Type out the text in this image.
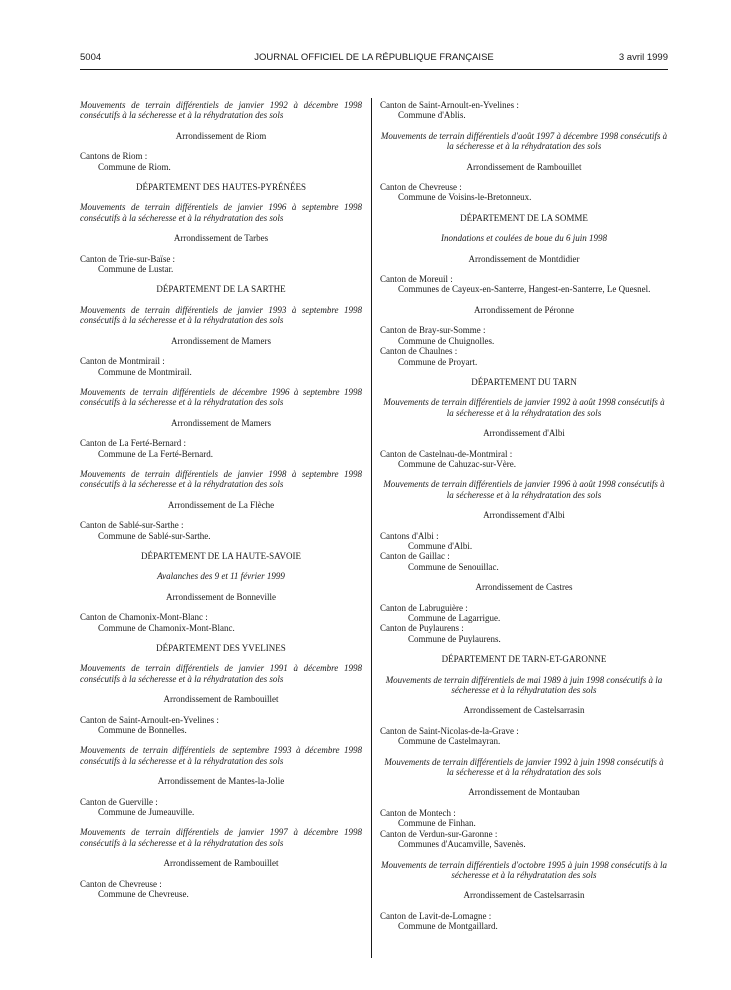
5004	JOURNAL OFFICIEL DE LA RÉPUBLIQUE FRANÇAISE	3 avril 1999
Mouvements de terrain différentiels de janvier 1992 à décembre 1998 consécutifs à la sécheresse et à la réhydratation des sols
Arrondissement de Riom
Cantons de Riom :
Commune de Riom.
DÉPARTEMENT DES HAUTES-PYRÉNÉES
Mouvements de terrain différentiels de janvier 1996 à septembre 1998 consécutifs à la sécheresse et à la réhydratation des sols
Arrondissement de Tarbes
Canton de Trie-sur-Baïse :
Commune de Lustar.
DÉPARTEMENT DE LA SARTHE
Mouvements de terrain différentiels de janvier 1993 à septembre 1998 consécutifs à la sécheresse et à la réhydratation des sols
Arrondissement de Mamers
Canton de Montmirail :
Commune de Montmirail.
Mouvements de terrain différentiels de décembre 1996 à septembre 1998 consécutifs à la sécheresse et à la réhydratation des sols
Arrondissement de Mamers
Canton de La Ferté-Bernard :
Commune de La Ferté-Bernard.
Mouvements de terrain différentiels de janvier 1998 à septembre 1998 consécutifs à la sécheresse et à la réhydratation des sols
Arrondissement de La Flèche
Canton de Sablé-sur-Sarthe :
Commune de Sablé-sur-Sarthe.
DÉPARTEMENT DE LA HAUTE-SAVOIE
Avalanches des 9 et 11 février 1999
Arrondissement de Bonneville
Canton de Chamonix-Mont-Blanc :
Commune de Chamonix-Mont-Blanc.
DÉPARTEMENT DES YVELINES
Mouvements de terrain différentiels de janvier 1991 à décembre 1998 consécutifs à la sécheresse et à la réhydratation des sols
Arrondissement de Rambouillet
Canton de Saint-Arnoult-en-Yvelines :
Commune de Bonnelles.
Mouvements de terrain différentiels de septembre 1993 à décembre 1998 consécutifs à la sécheresse et à la réhydratation des sols
Arrondissement de Mantes-la-Jolie
Canton de Guerville :
Commune de Jumeauville.
Mouvements de terrain différentiels de janvier 1997 à décembre 1998 consécutifs à la sécheresse et à la réhydratation des sols
Arrondissement de Rambouillet
Canton de Chevreuse :
Commune de Chevreuse.
Canton de Saint-Arnoult-en-Yvelines :
Commune d'Ablis.
Mouvements de terrain différentiels d'août 1997 à décembre 1998 consécutifs à la sécheresse et à la réhydratation des sols
Arrondissement de Rambouillet
Canton de Chevreuse :
Commune de Voisins-le-Bretonneux.
DÉPARTEMENT DE LA SOMME
Inondations et coulées de boue du 6 juin 1998
Arrondissement de Montdidier
Canton de Moreuil :
Communes de Cayeux-en-Santerre, Hangest-en-Santerre, Le Quesnel.
Arrondissement de Péronne
Canton de Bray-sur-Somme :
Commune de Chuignolles.
Canton de Chaulnes :
Commune de Proyart.
DÉPARTEMENT DU TARN
Mouvements de terrain différentiels de janvier 1992 à août 1998 consécutifs à la sécheresse et à la réhydratation des sols
Arrondissement d'Albi
Canton de Castelnau-de-Montmiral :
Commune de Cahuzac-sur-Vère.
Mouvements de terrain différentiels de janvier 1996 à août 1998 consécutifs à la sécheresse et à la réhydratation des sols
Arrondissement d'Albi
Cantons d'Albi :
Commune d'Albi.
Canton de Gaillac :
Commune de Senouillac.
Arrondissement de Castres
Canton de Labruguière :
Commune de Lagarrigue.
Canton de Puylaurens :
Commune de Puylaurens.
DÉPARTEMENT DE TARN-ET-GARONNE
Mouvements de terrain différentiels de mai 1989 à juin 1998 consécutifs à la sécheresse et à la réhydratation des sols
Arrondissement de Castelsarrasin
Canton de Saint-Nicolas-de-la-Grave :
Commune de Castelmayran.
Mouvements de terrain différentiels de janvier 1992 à juin 1998 consécutifs à la sécheresse et à la réhydratation des sols
Arrondissement de Montauban
Canton de Montech :
Commune de Finhan.
Canton de Verdun-sur-Garonne :
Communes d'Aucamville, Savenès.
Mouvements de terrain différentiels d'octobre 1995 à juin 1998 consécutifs à la sécheresse et à la réhydratation des sols
Arrondissement de Castelsarrasin
Canton de Lavit-de-Lomagne :
Commune de Montgaillard.
